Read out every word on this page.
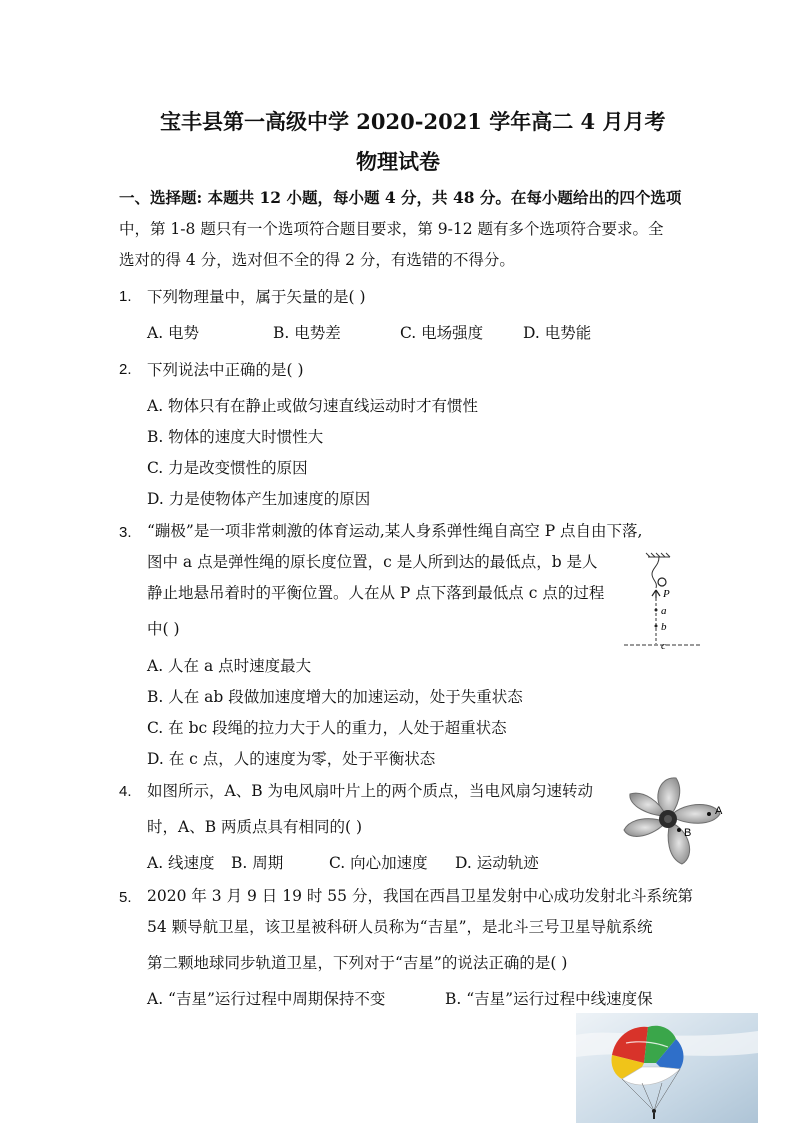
宝丰县第一高级中学 2020-2021 学年高二 4 月月考
物理试卷
一、选择题: 本题共 12 小题，每小题 4 分，共 48 分。在每小题给出的四个选项
中，第 1-8 题只有一个选项符合题目要求，第 9-12 题有多个选项符合要求。全
选对的得 4 分，选对但不全的得 2 分，有选错的不得分。
1. 下列物理量中，属于矢量的是( )
A. 电势	B. 电势差	C. 电场强度	D. 电势能
2. 下列说法中正确的是( )
A. 物体只有在静止或做匀速直线运动时才有惯性
B. 物体的速度大时惯性大
C. 力是改变惯性的原因
D. 力是使物体产生加速度的原因
3. “蹦极”是一项非常刺激的体育运动,某人身系弹性绳自高空 P 点自由下落,
图中 a 点是弹性绳的原长度位置，c 是人所到达的最低点，b 是人
静止地悬吊着时的平衡位置。人在从 P 点下落到最低点 c 点的过程
中( )
A. 人在 a 点时速度最大
B. 人在 ab 段做加速度增大的加速运动，处于失重状态
C. 在 bc 段绳的拉力大于人的重力，人处于超重状态
D. 在 c 点，人的速度为零，处于平衡状态
P
a
b
c
4. 如图所示，A、B 为电风扇叶片上的两个质点，当电风扇匀速转动
时，A、B 两质点具有相同的( )
A. 线速度 B. 周期	C. 向心加速度 D. 运动轨迹
A
B
5. 2020 年 3 月 9 日 19 时 55 分，我国在西昌卫星发射中心成功发射北斗系统第
54 颗导航卫星，该卫星被科研人员称为“吉星”，是北斗三号卫星导航系统
第二颗地球同步轨道卫星，下列对于“吉星”的说法正确的是( )
A. “吉星”运行过程中周期保持不变	B. “吉星”运行过程中线速度保
